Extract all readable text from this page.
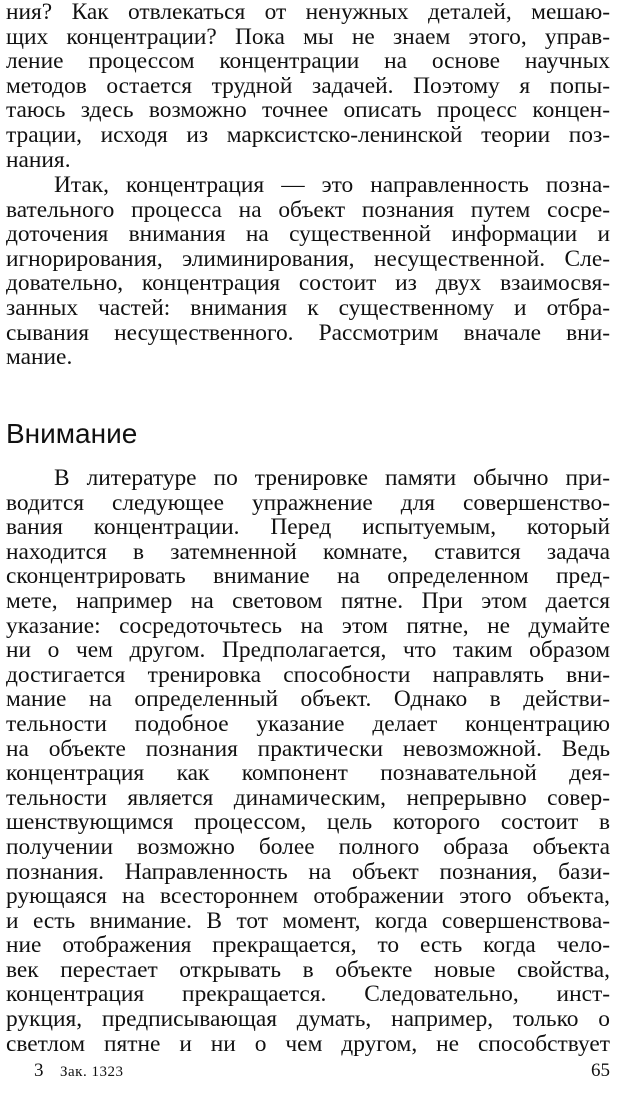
ния? Как отвлекаться от ненужных деталей, мешаю-
щих концентрации? Пока мы не знаем этого, управ-
ление процессом концентрации на основе научных
методов остается трудной задачей. Поэтому я попы-
таюсь здесь возможно точнее описать процесс концен-
трации, исходя из марксистско-ленинской теории поз-
нания.
Итак, концентрация — это направленность позна-
вательного процесса на объект познания путем сосре-
доточения внимания на существенной информации и
игнорирования, элиминирования, несущественной. Сле-
довательно, концентрация состоит из двух взаимосвя-
занных частей: внимания к существенному и отбра-
сывания несущественного. Рассмотрим вначале вни-
мание.
Внимание
В литературе по тренировке памяти обычно при-
водится следующее упражнение для совершенство-
вания концентрации. Перед испытуемым, который
находится в затемненной комнате, ставится задача
сконцентрировать внимание на определенном пред-
мете, например на световом пятне. При этом дается
указание: сосредоточьтесь на этом пятне, не думайте
ни о чем другом. Предполагается, что таким образом
достигается тренировка способности направлять вни-
мание на определенный объект. Однако в действи-
тельности подобное указание делает концентрацию
на объекте познания практически невозможной. Ведь
концентрация как компонент познавательной дея-
тельности является динамическим, непрерывно совер-
шенствующимся процессом, цель которого состоит в
получении возможно более полного образа объекта
познания. Направленность на объект познания, бази-
рующаяся на всестороннем отображении этого объекта,
и есть внимание. В тот момент, когда совершенствова-
ние отображения прекращается, то есть когда чело-
век перестает открывать в объекте новые свойства,
концентрация прекращается. Следовательно, инст-
рукция, предписывающая думать, например, только о
светлом пятне и ни о чем другом, не способствует
3 Зак. 1323	65
